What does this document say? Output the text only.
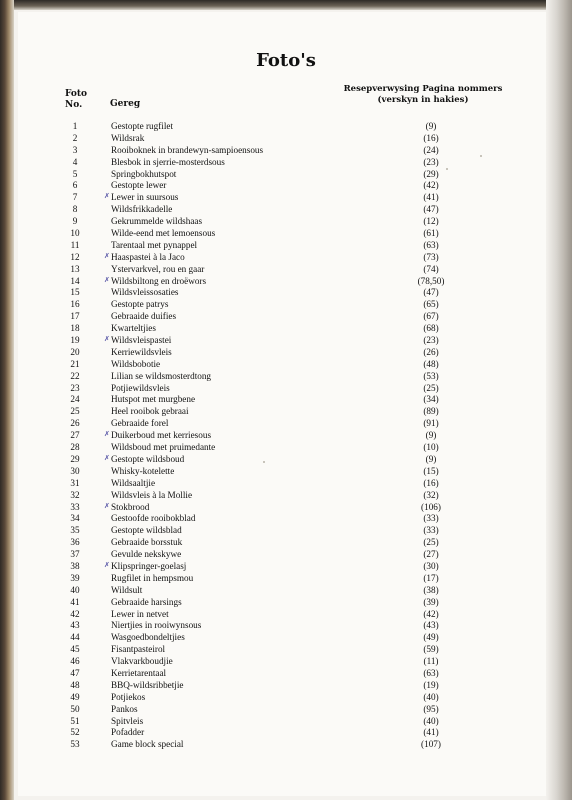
Foto's
Foto
No.	Gereg
Resepverwysing Pagina nommers
(verskyn in hakies)
1	Gestopte rugfilet	(9)
2	Wildsrak	(16)
3	Rooiboknek in brandewyn-sampioensous	(24)
4	Blesbok in sjerrie-mosterdsous	(23)
5	Springbokhutspot	(29)
6	Gestopte lewer	(42)
7	✗ Lewer in suursous	(41)
8	Wildsfrikkadelle	(47)
9	Gekrummelde wildshaas	(12)
10	Wilde-eend met lemoensous	(61)
11	Tarentaal met pynappel	(63)
12	✗ Haaspastei à la Jaco	(73)
13	Ystervarkvel, rou en gaar	(74)
14	✗ Wildsbiltong en droëwors	(78,50)
15	Wildsvleissosaties	(47)
16	Gestopte patrys	(65)
17	Gebraaide duifies	(67)
18	Kwarteltjies	(68)
19	✗ Wildsvleispastei	(23)
20	Kerriewildsvleis	(26)
21	Wildsbobotie	(48)
22	Lilian se wildsmosterdtong	(53)
23	Potjiewildsvleis	(25)
24	Hutspot met murgbene	(34)
25	Heel rooibok gebraai	(89)
26	Gebraaide forel	(91)
27	✗ Duikerboud met kerriesous	(9)
28	Wildsboud met pruimedante	(10)
29	✗ Gestopte wildsboud	(9)
30	Whisky-kotelette	(15)
31	Wildsaaltjie	(16)
32	Wildsvleis à la Mollie	(32)
33	✗ Stokbrood	(106)
34	Gestoofde rooibokblad	(33)
35	Gestopte wildsblad	(33)
36	Gebraaide borsstuk	(25)
37	Gevulde nekskywe	(27)
38	✗ Klipspringer-goelasj	(30)
39	Rugfilet in hempsmou	(17)
40	Wildsult	(38)
41	Gebraaide harsings	(39)
42	Lewer in netvet	(42)
43	Niertjies in rooiwynsous	(43)
44	Wasgoedbondeltjies	(49)
45	Fisantpasteirol	(59)
46	Vlakvarkboudjie	(11)
47	Kerrietarentaal	(63)
48	BBQ-wildsribbetjie	(19)
49	Potjiekos	(40)
50	Pankos	(95)
51	Spitvleis	(40)
52	Pofadder	(41)
53	Game block special	(107)
